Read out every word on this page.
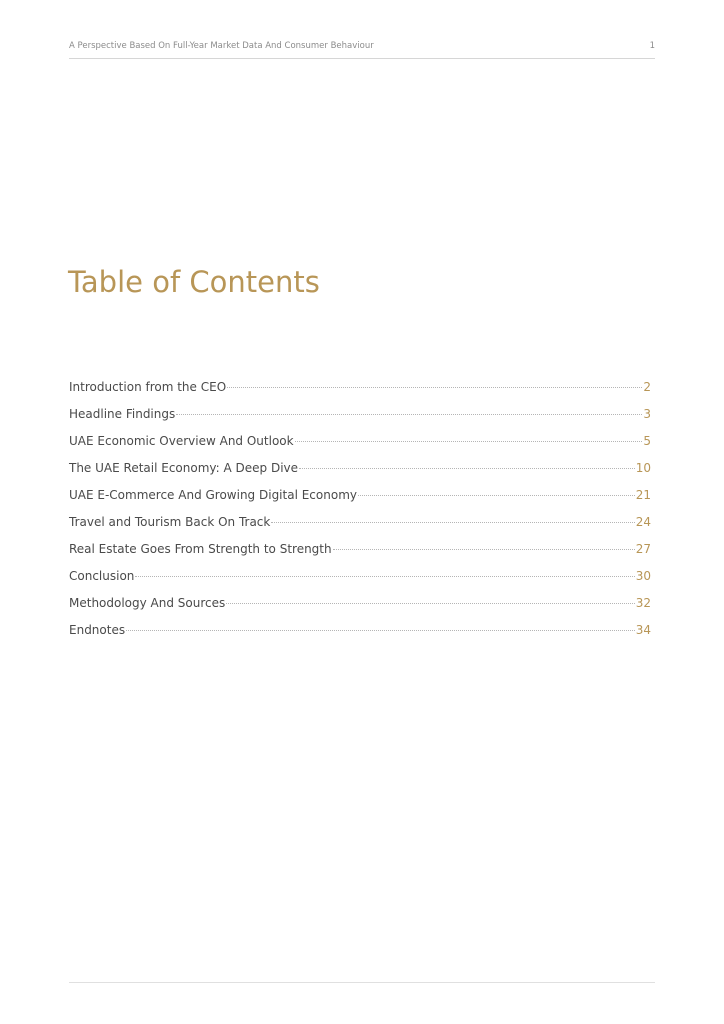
A Perspective Based On Full-Year Market Data And Consumer Behaviour	1
Table of Contents
Introduction from the CEO	2
Headline Findings	3
UAE Economic Overview And Outlook	5
The UAE Retail Economy: A Deep Dive	10
UAE E-Commerce And Growing Digital Economy	21
Travel and Tourism Back On Track	24
Real Estate Goes From Strength to Strength	27
Conclusion	30
Methodology And Sources	32
Endnotes	34
